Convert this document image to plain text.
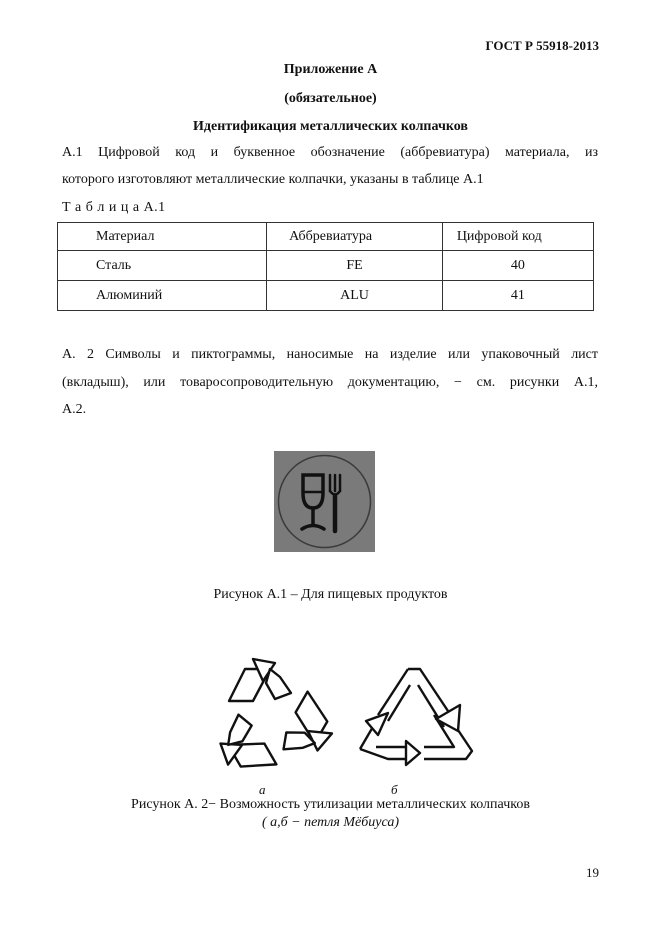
ГОСТ Р 55918-2013
Приложение А
(обязательное)
Идентификация металлических колпачков
А.1 Цифровой код и буквенное обозначение (аббревиатура) материала, из
которого изготовляют металлические колпачки, указаны в таблице А.1
Т а б л и ц а А.1
Материал	Аббревиатура	Цифровой код
Сталь	FE	40
Алюминий	ALU	41
А. 2 Символы и пиктограммы, наносимые на изделие или упаковочный лист
(вкладыш), или товаросопроводительную документацию, − см. рисунки А.1,
А.2.
Рисунок А.1 – Для пищевых продуктов
а	б
Рисунок А. 2− Возможность утилизации металлических колпачков
( а,б − петля Мёбиуса)
19
